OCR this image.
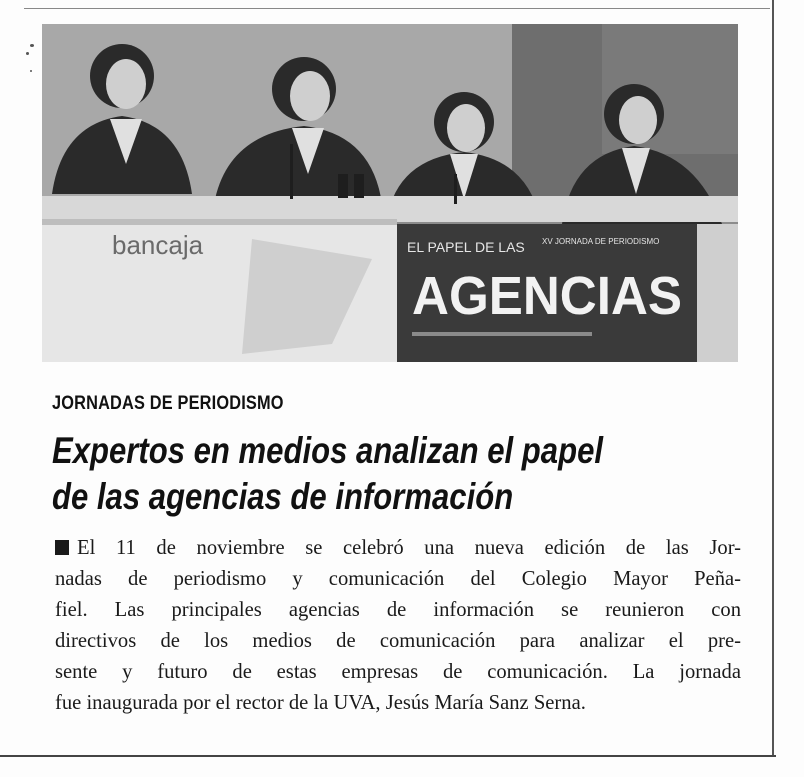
bancaja	EL PAPEL DE LAS XV JORNADA DE PERIODISMO
AGENCIAS
JORNADAS DE PERIODISMO
Expertos en medios analizan el papel
de las agencias de información
El 11 de noviembre se celebró una nueva edición de las Jor-
nadas de periodismo y comunicación del Colegio Mayor Peña-
fiel. Las principales agencias de información se reunieron con
directivos de los medios de comunicación para analizar el pre-
sente y futuro de estas empresas de comunicación. La jornada
fue inaugurada por el rector de la UVA, Jesús María Sanz Serna.
